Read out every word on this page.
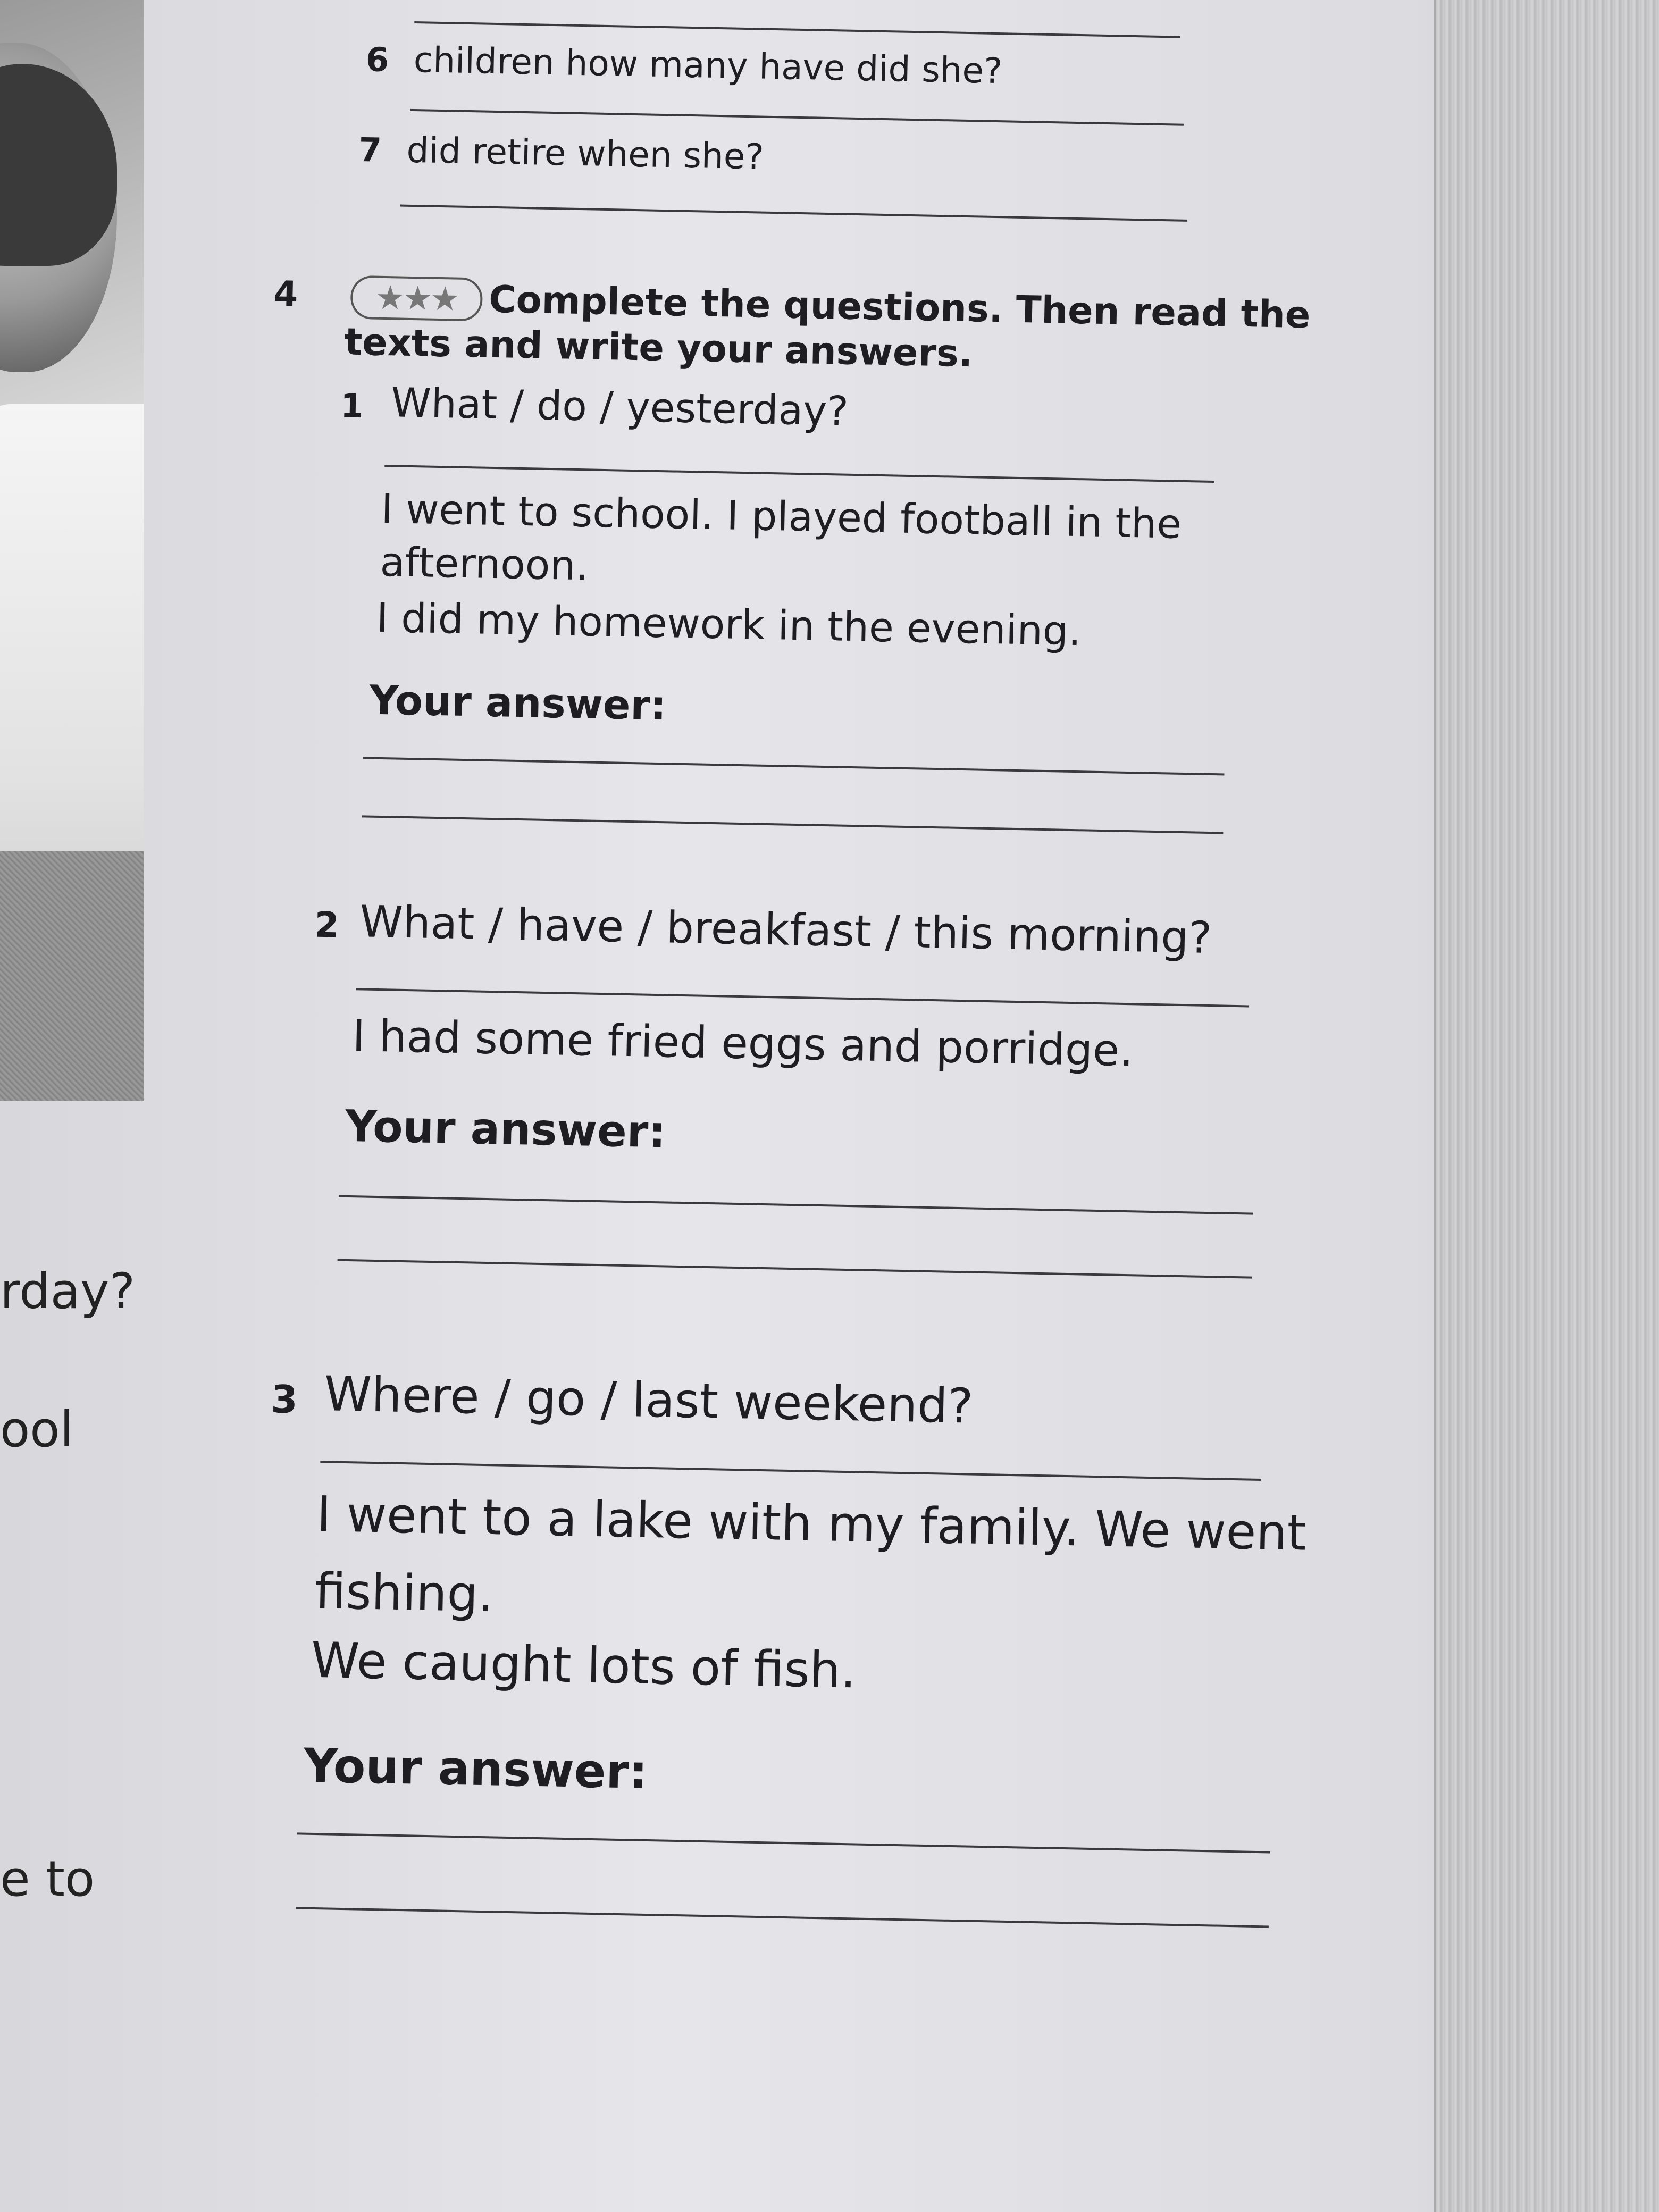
rday?
ool
e to
6 children how many have did she?
7 did retire when she?
4	★★★ Complete the questions. Then read the
texts and write your answers.
1 What / do / yesterday?
I went to school. I played football in the
afternoon.
I did my homework in the evening.
Your answer:
2 What / have / breakfast / this morning?
I had some fried eggs and porridge.
Your answer:
3 Where / go / last weekend?
I went to a lake with my family. We went
fishing.
We caught lots of fish.
Your answer:
